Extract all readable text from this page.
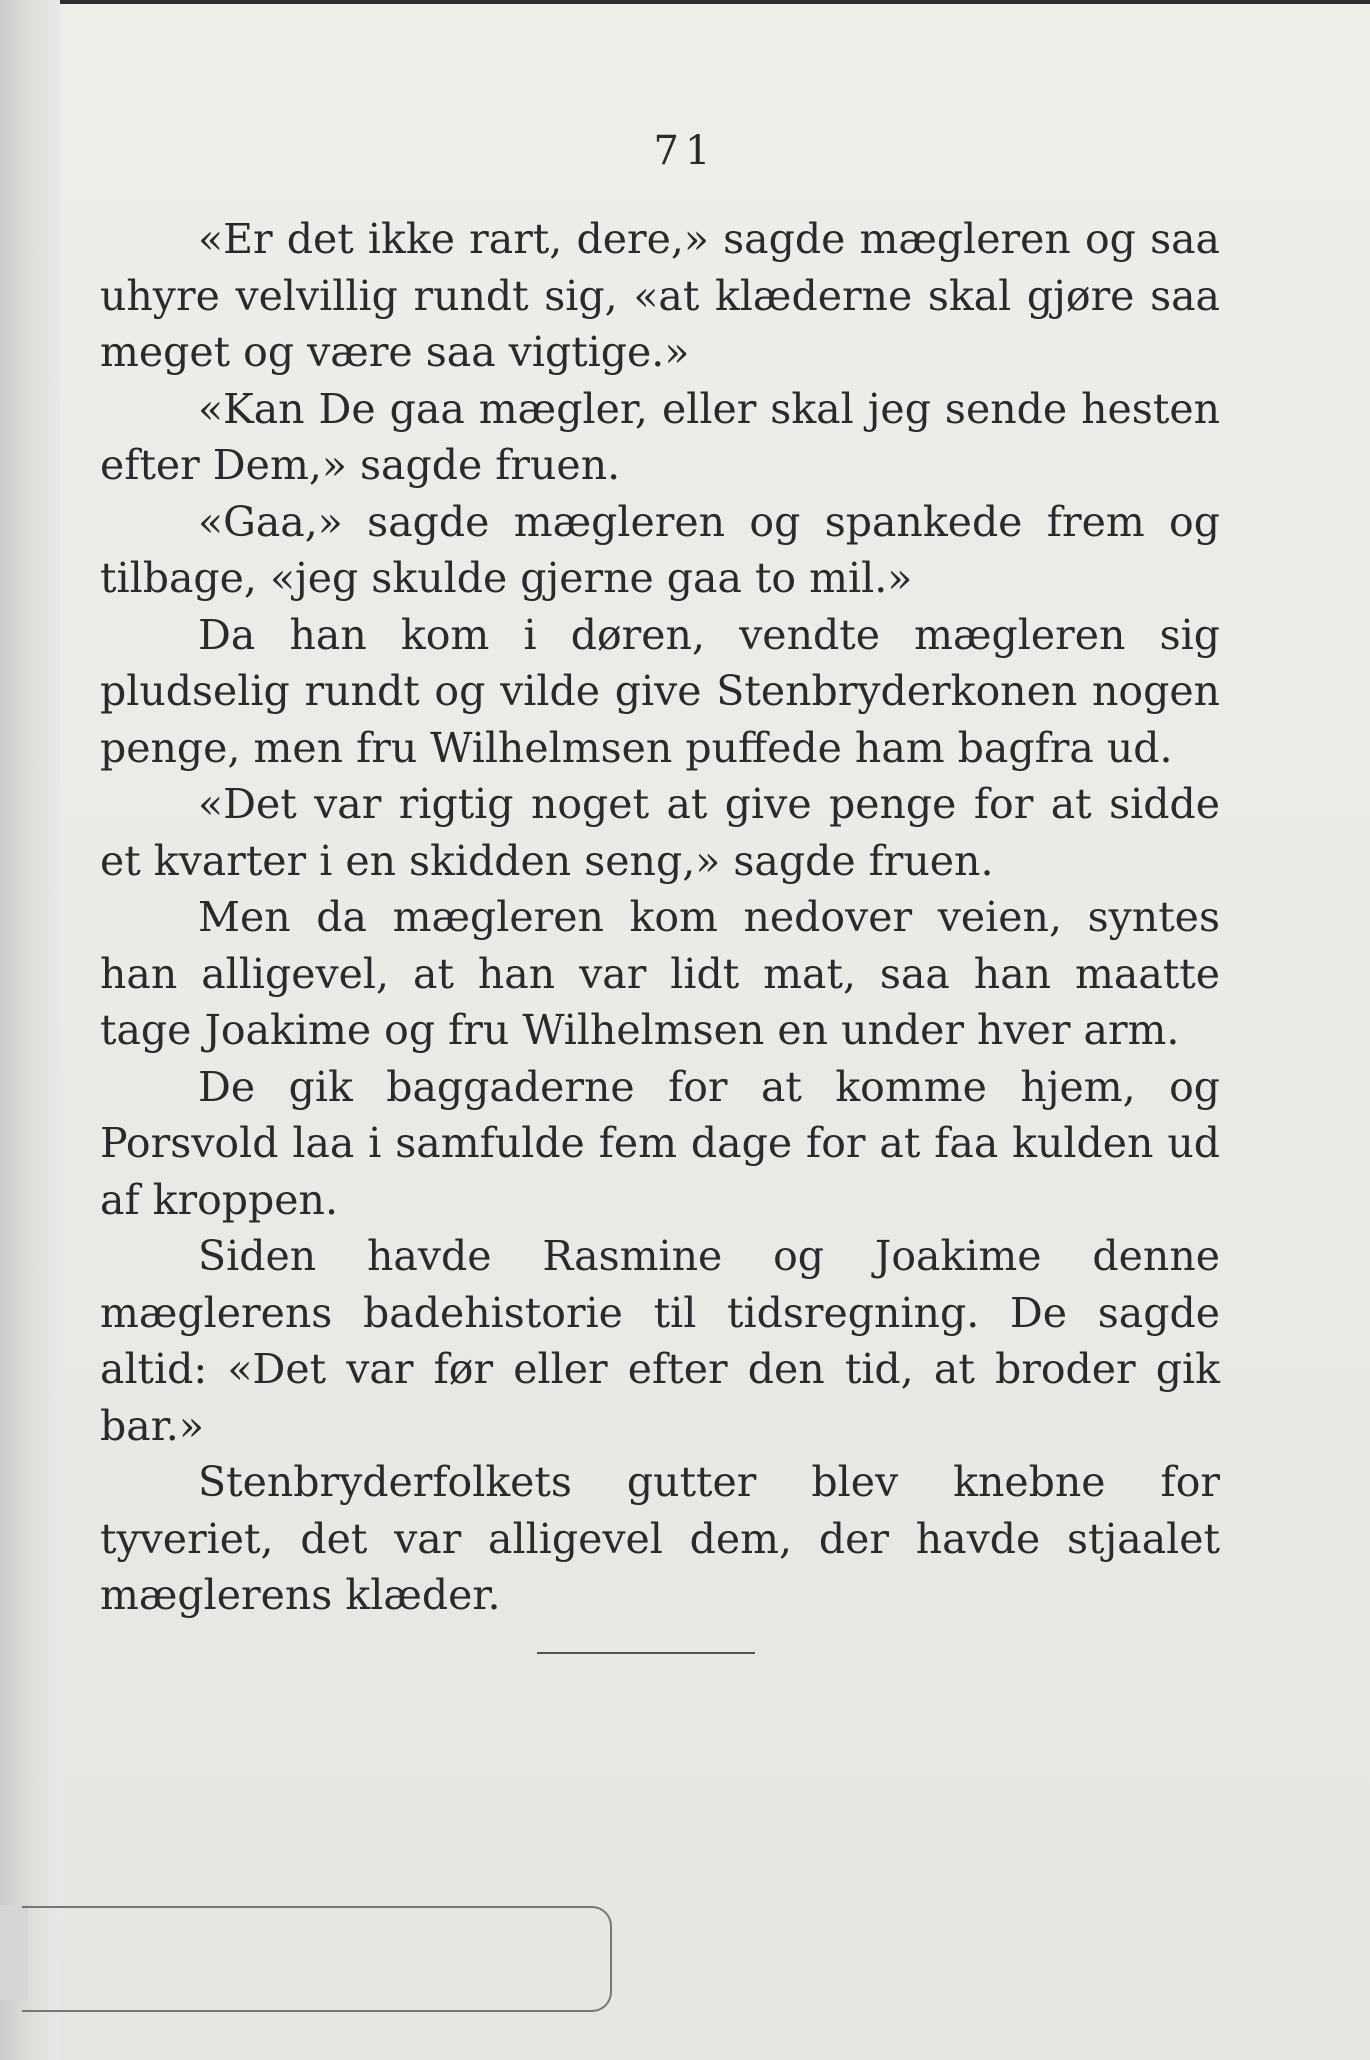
71

«Er det ikke rart, dere,» sagde mægleren og saa uhyre velvillig rundt sig, «at klæderne skal gjøre saa meget og være saa vigtige.»

«Kan De gaa mægler, eller skal jeg sende hesten efter Dem,» sagde fruen.

«Gaa,» sagde mægleren og spankede frem og tilbage, «jeg skulde gjerne gaa to mil.»

Da han kom i døren, vendte mægleren sig pludselig rundt og vilde give Stenbryderkonen nogen penge, men fru Wilhelmsen puffede ham bagfra ud.

«Det var rigtig noget at give penge for at sidde et kvarter i en skidden seng,» sagde fruen.

Men da mægleren kom nedover veien, syntes han alligevel, at han var lidt mat, saa han maatte tage Joakime og fru Wilhelmsen en under hver arm.

De gik baggaderne for at komme hjem, og Porsvold laa i samfulde fem dage for at faa kulden ud af kroppen.

Siden havde Rasmine og Joakime denne mæglerens badehistorie til tidsregning. De sagde altid: «Det var før eller efter den tid, at broder gik bar.»

Stenbryderfolkets gutter blev knebne for tyveriet, det var alligevel dem, der havde stjaalet mæglerens klæder.
